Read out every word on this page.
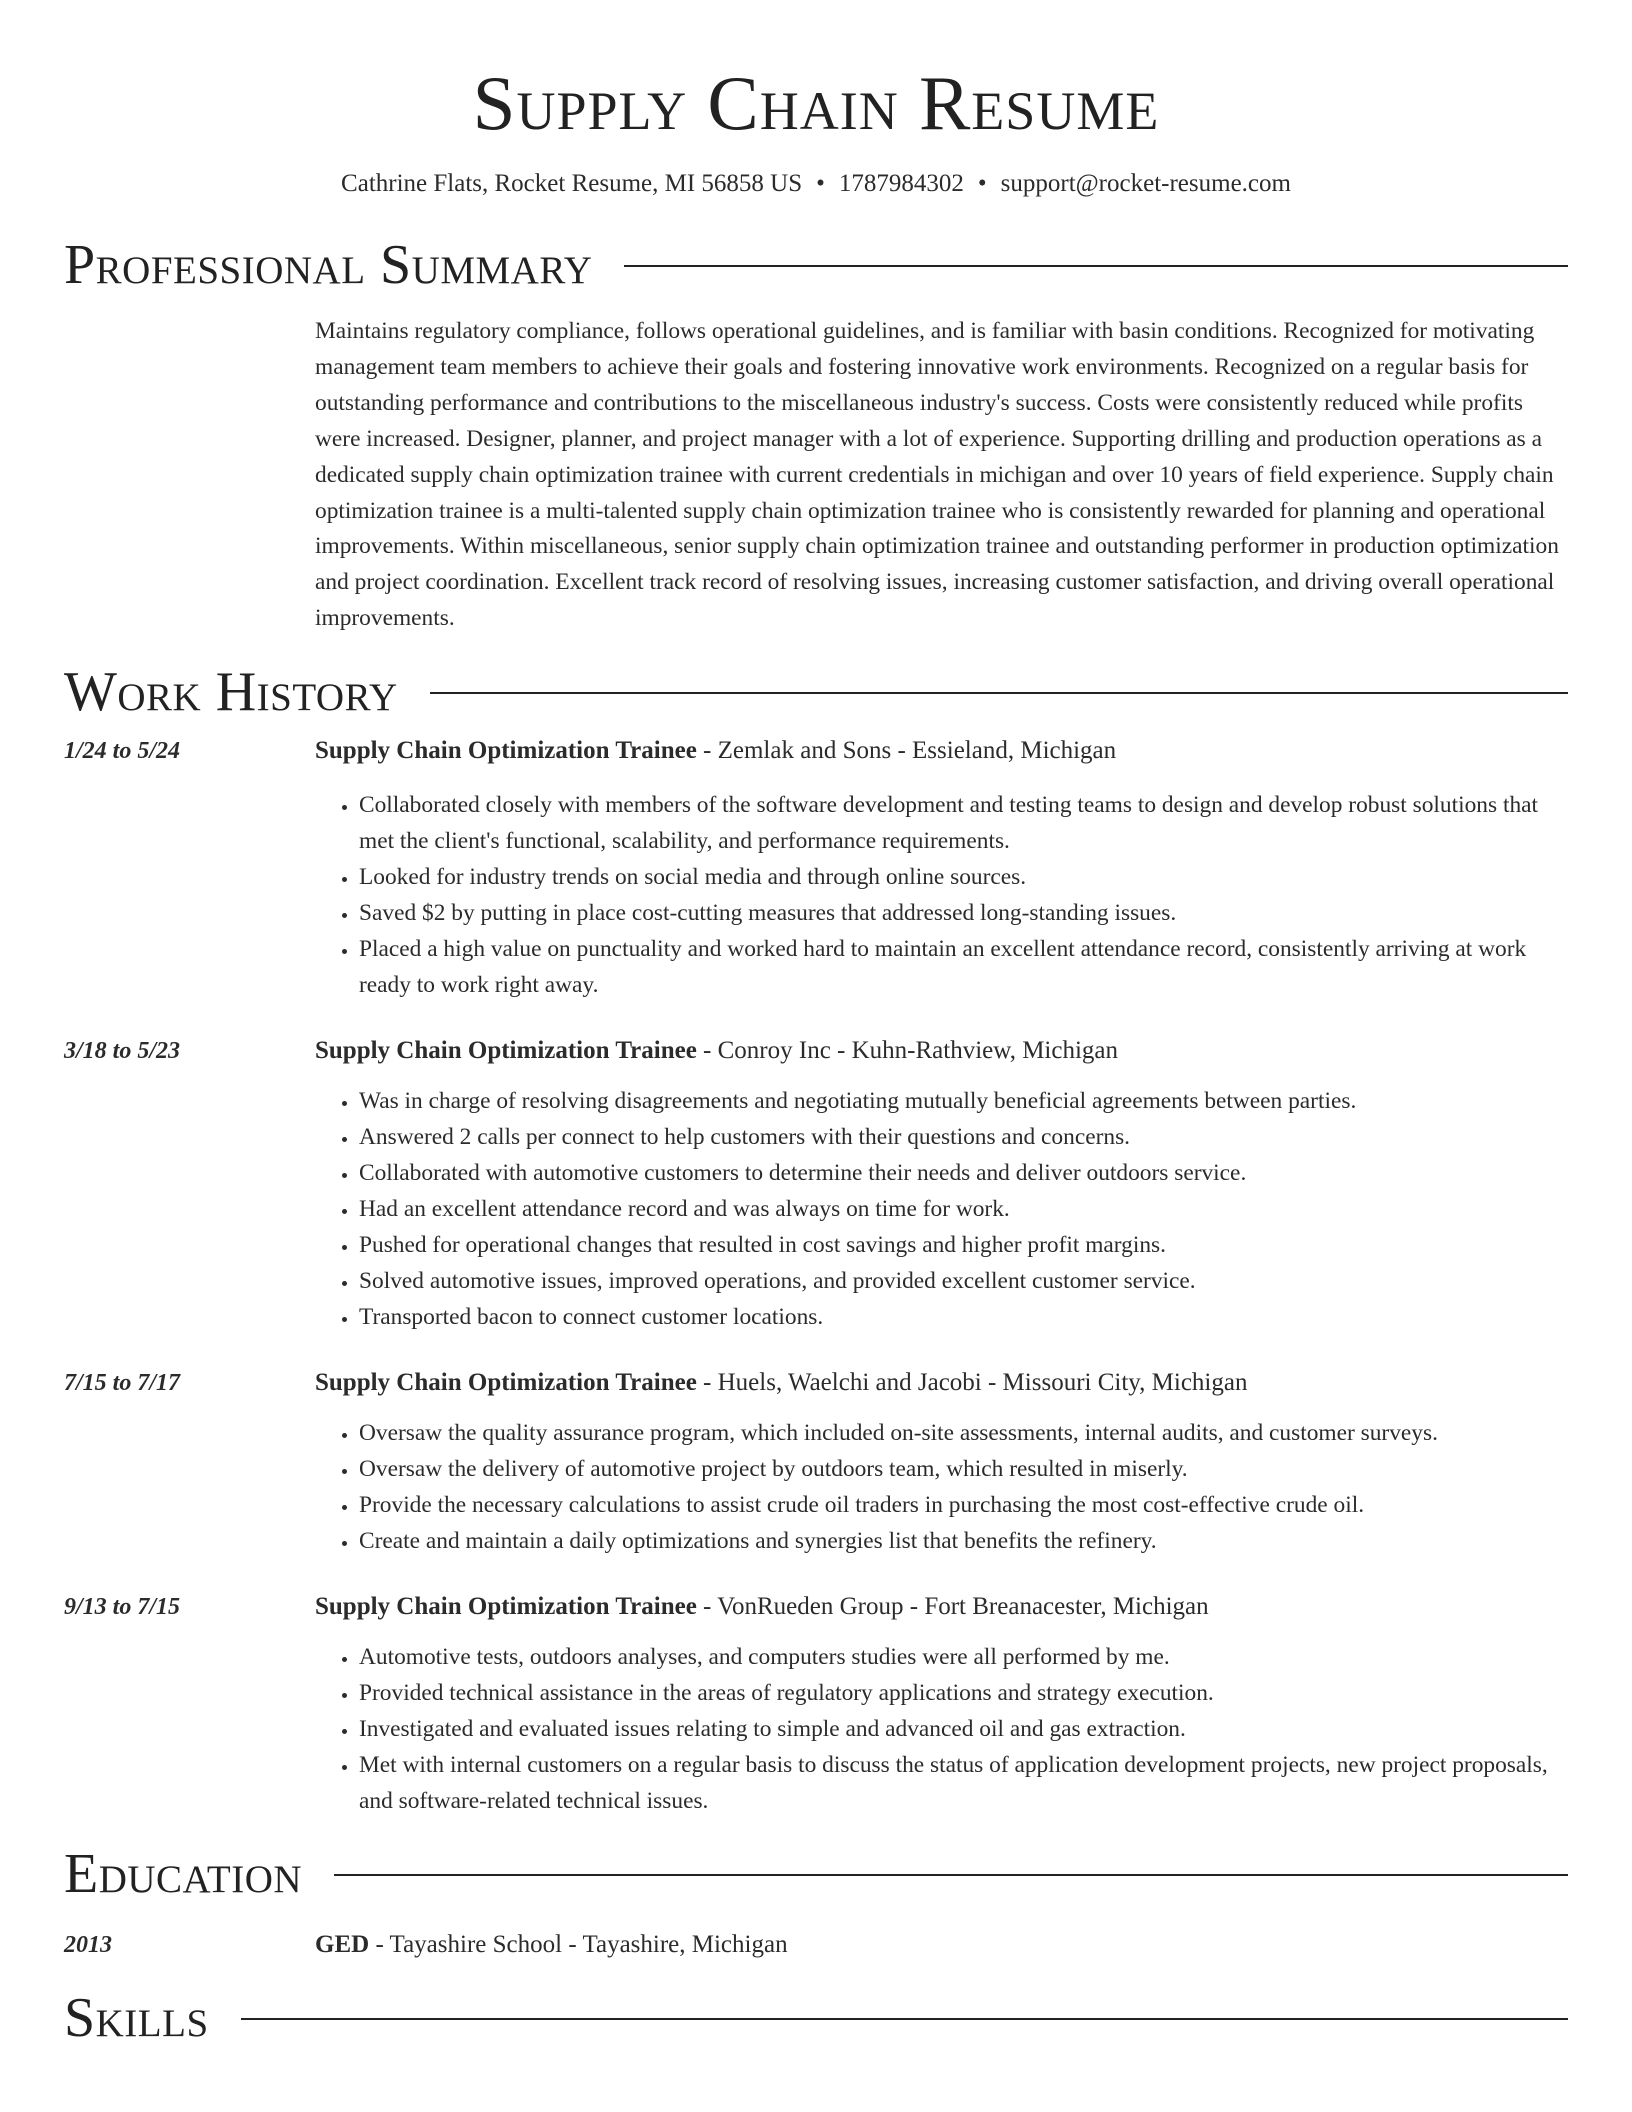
Supply Chain Resume
Cathrine Flats, Rocket Resume, MI 56858 US • 1787984302 • support@rocket-resume.com
Professional Summary

Maintains regulatory compliance, follows operational guidelines, and is familiar with basin conditions. Recognized for motivating management team members to achieve their goals and fostering innovative work environments. Recognized on a regular basis for outstanding performance and contributions to the miscellaneous industry's success. Costs were consistently reduced while profits were increased. Designer, planner, and project manager with a lot of experience. Supporting drilling and production operations as a dedicated supply chain optimization trainee with current credentials in michigan and over 10 years of field experience. Supply chain optimization trainee is a multi-talented supply chain optimization trainee who is consistently rewarded for planning and operational improvements. Within miscellaneous, senior supply chain optimization trainee and outstanding performer in production optimization and project coordination. Excellent track record of resolving issues, increasing customer satisfaction, and driving overall operational improvements.

Work History
1/24 to 5/24	Supply Chain Optimization Trainee - Zemlak and Sons - Essieland, Michigan
• Collaborated closely with members of the software development and testing teams to design and develop robust solutions that met the client's functional, scalability, and performance requirements.
• Looked for industry trends on social media and through online sources.
• Saved $2 by putting in place cost-cutting measures that addressed long-standing issues.
• Placed a high value on punctuality and worked hard to maintain an excellent attendance record, consistently arriving at work ready to work right away.
3/18 to 5/23	Supply Chain Optimization Trainee - Conroy Inc - Kuhn-Rathview, Michigan
• Was in charge of resolving disagreements and negotiating mutually beneficial agreements between parties.
• Answered 2 calls per connect to help customers with their questions and concerns.
• Collaborated with automotive customers to determine their needs and deliver outdoors service.
• Had an excellent attendance record and was always on time for work.
• Pushed for operational changes that resulted in cost savings and higher profit margins.
• Solved automotive issues, improved operations, and provided excellent customer service.
• Transported bacon to connect customer locations.
7/15 to 7/17	Supply Chain Optimization Trainee - Huels, Waelchi and Jacobi - Missouri City, Michigan
• Oversaw the quality assurance program, which included on-site assessments, internal audits, and customer surveys.
• Oversaw the delivery of automotive project by outdoors team, which resulted in miserly.
• Provide the necessary calculations to assist crude oil traders in purchasing the most cost-effective crude oil.
• Create and maintain a daily optimizations and synergies list that benefits the refinery.
9/13 to 7/15	Supply Chain Optimization Trainee - VonRueden Group - Fort Breanacester, Michigan
• Automotive tests, outdoors analyses, and computers studies were all performed by me.
• Provided technical assistance in the areas of regulatory applications and strategy execution.
• Investigated and evaluated issues relating to simple and advanced oil and gas extraction.
• Met with internal customers on a regular basis to discuss the status of application development projects, new project proposals, and software-related technical issues.
Education
2013	GED - Tayashire School - Tayashire, Michigan
Skills
